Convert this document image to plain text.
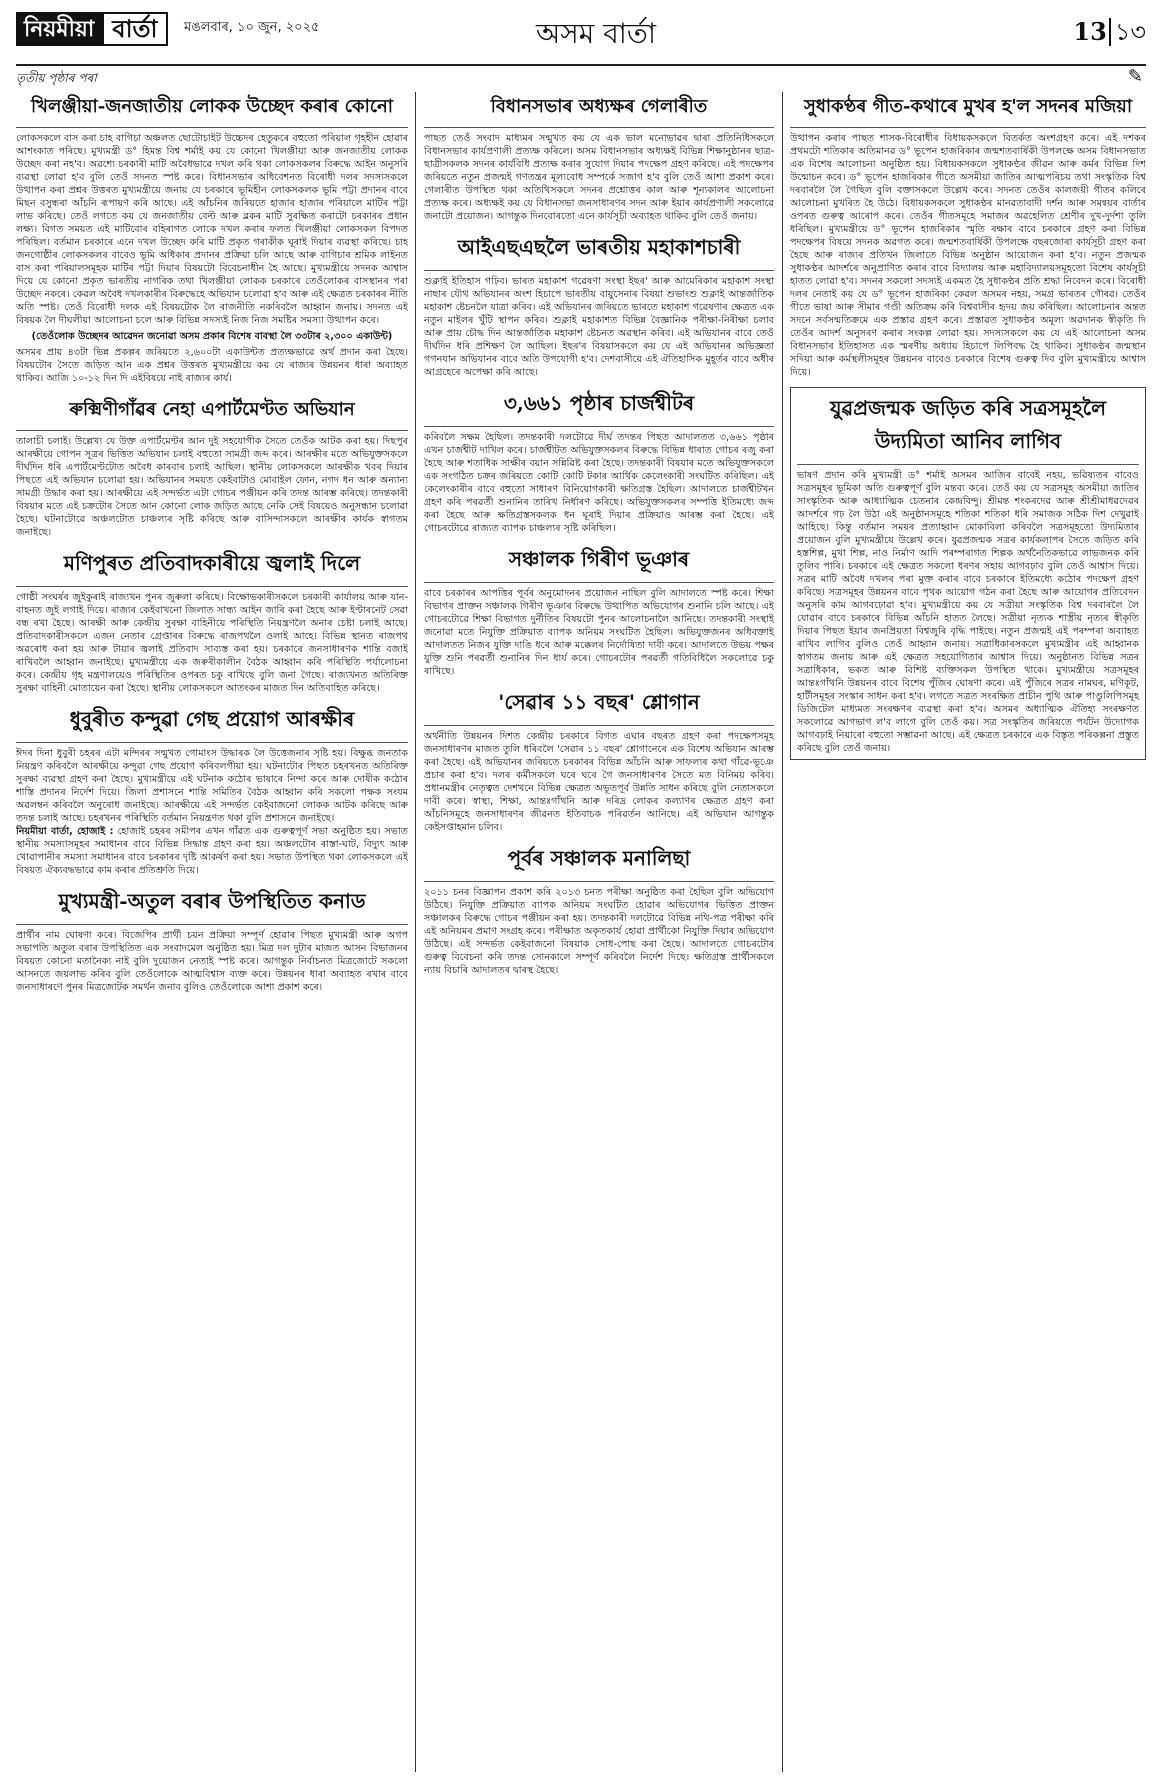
নিয়মীয়া বাৰ্তা	মঙলবাৰ, ১০ জুন, ২০২৫	অসম বাৰ্তা	13 ১৩
তৃতীয় পৃষ্ঠাৰ পৰা	✎
খিলঞ্জীয়া-জনজাতীয় লোকক উচ্ছেদ কৰাৰ কোনো

লোকসকলে বাস কৰা চাহ বাগিচা অঞ্চলত ছোটোচাইট উচ্চেদৰ হেতুকৰে বহুতো পৰিয়াল গৃহহীন হোৱাৰ আশংকাত পৰিছে। মুখ্যমন্ত্ৰী ড° হিমন্ত বিশ্ব শৰ্মাই কয় যে কোনো খিলঞ্জীয়া আৰু জনজাতীয় লোকক উচ্ছেদ কৰা নহ'ব। অৱশ্যে চৰকাৰী মাটি অবৈধভাৱে দখল কৰি থকা লোকসকলৰ বিৰুদ্ধে আইন অনুসৰি ব্যৱস্থা লোৱা হ'ব বুলি তেওঁ সদনত স্পষ্ট কৰে। বিধানসভাৰ অধিবেশনত বিৰোধী দলৰ সদস্যসকলে উত্থাপন কৰা প্ৰশ্নৰ উত্তৰত মুখ্যমন্ত্ৰীয়ে জনায় যে চৰকাৰে ভূমিহীন লোকসকলক ভূমি পট্টা প্ৰদানৰ বাবে মিছন বসুন্ধৰা আঁচনি ৰূপায়ণ কৰি আছে। এই আঁচনিৰ জৰিয়তে হাজাৰ হাজাৰ পৰিয়ালে মাটিৰ পট্টা লাভ কৰিছে। তেওঁ লগতে কয় যে জনজাতীয় বেল্ট আৰু ব্লকৰ মাটি সুৰক্ষিত কৰাটো চৰকাৰৰ প্ৰধান লক্ষ্য। বিগত সময়ত এই মাটিবোৰ বহিৰাগত লোকে দখল কৰাৰ ফলত খিলঞ্জীয়া লোকসকল বিপদত পৰিছিল। বৰ্তমান চৰকাৰে এনে দখল উচ্ছেদ কৰি মাটি প্ৰকৃত গৰাকীক ঘূৰাই দিয়াৰ ব্যৱস্থা কৰিছে। চাহ জনগোষ্ঠীৰ লোকসকলৰ বাবেও ভূমি অধিকাৰ প্ৰদানৰ প্ৰক্ৰিয়া চলি আছে আৰু বাগিচাৰ শ্ৰমিক লাইনত বাস কৰা পৰিয়ালসমূহক মাটিৰ পট্টা দিয়াৰ বিষয়টো বিবেচনাধীন হৈ আছে। মুখ্যমন্ত্ৰীয়ে সদনক আশ্বাস দিয়ে যে কোনো প্ৰকৃত ভাৰতীয় নাগৰিক তথা খিলঞ্জীয়া লোকক চৰকাৰে তেওঁলোকৰ বাসস্থানৰ পৰা উচ্ছেদ নকৰে। কেৱল অবৈধ দখলকাৰীৰ বিৰুদ্ধেহে অভিযান চলোৱা হ'ব আৰু এই ক্ষেত্ৰত চৰকাৰৰ নীতি অতি স্পষ্ট। তেওঁ বিৰোধী দলক এই বিষয়টোক লৈ ৰাজনীতি নকৰিবলৈ আহ্বান জনায়। সদনত এই বিষয়ক লৈ দীঘলীয়া আলোচনা চলে আৰু বিভিন্ন সদস্যই নিজ নিজ সমষ্টিৰ সমস্যা উত্থাপন কৰে।

(তেওঁলোক উচ্ছেদৰ আৱেদন জনোৱা অসম প্ৰকাৰ বিশেষ বাবস্থা লৈ ৩৩টাৰ ২,৩০০ একাউন্ট)

অসমৰ প্ৰায় ৪৩টা ভিন্ন প্ৰকল্পৰ জৰিয়তে ২,৬০০টা একাউন্টত প্ৰত্যক্ষভাৱে অৰ্থ প্ৰদান কৰা হৈছে। বিষয়টোৰ সৈতে জড়িত আন এক প্ৰশ্নৰ উত্তৰত মুখ্যমন্ত্ৰীয়ে কয় যে ৰাজ্যৰ উন্নয়নৰ ধাৰা অব্যাহত থাকিব। আজি ১০-১২ দিন দি এইবিষয়ে নাই ৰাজ্যৰ কাৰ্য।

ৰুক্মিণীগাঁৱৰ নেহা এপাৰ্টমেণ্টত অভিযান

তালাচী চলাই। উল্লেখ্য যে উক্ত এপাৰ্টমেণ্টৰ আন দুই সহযোগীক সৈতে তেওঁক আটক কৰা হয়। দিছপুৰ আৰক্ষীয়ে গোপন সূত্ৰৰ ভিত্তিত অভিযান চলাই বহুতো সামগ্ৰী জব্দ কৰে। আৰক্ষীৰ মতে অভিযুক্তসকলে দীৰ্ঘদিন ধৰি এপাৰ্টমেণ্টটোত অবৈধ কাৰবাৰ চলাই আছিল। স্থানীয় লোকসকলে আৰক্ষীক খবৰ দিয়াৰ পিছতে এই অভিযান চলোৱা হয়। অভিযানৰ সময়ত কেইবাটাও মোবাইল ফোন, নগদ ধন আৰু অন্যান্য সামগ্ৰী উদ্ধাৰ কৰা হয়। আৰক্ষীয়ে এই সন্দৰ্ভত এটা গোচৰ পঞ্জীয়ন কৰি তদন্ত আৰম্ভ কৰিছে। তদন্তকাৰী বিষয়াৰ মতে এই চক্ৰটোৰ সৈতে আন কোনো লোক জড়িত আছে নেকি সেই বিষয়েও অনুসন্ধান চলোৱা হৈছে। ঘটনাটোৱে অঞ্চলটোত চাঞ্চল্যৰ সৃষ্টি কৰিছে আৰু বাসিন্দাসকলে আৰক্ষীৰ কাৰ্যক স্বাগতম জনাইছে।

মণিপুৰত প্ৰতিবাদকাৰীয়ে জ্বলাই দিলে

গোষ্ঠী সংঘৰ্ষৰ জুইকুৰাই ৰাজ্যখন পুনৰ জুৰুলা কৰিছে। বিক্ষোভকাৰীসকলে চৰকাৰী কাৰ্যালয় আৰু যান-বাহনত জুই লগাই দিয়ে। ৰাজ্যৰ কেইবাখনো জিলাত সান্ধ্য আইন জাৰি কৰা হৈছে আৰু ইণ্টাৰনেট সেৱা বন্ধ ৰখা হৈছে। আৰক্ষী আৰু কেন্দ্ৰীয় সুৰক্ষা বাহিনীয়ে পৰিস্থিতি নিয়ন্ত্ৰণলৈ অনাৰ চেষ্টা চলাই আছে। প্ৰতিবাদকাৰীসকলে এজন নেতাৰ গ্ৰেপ্তাৰৰ বিৰুদ্ধে ৰাজপথলৈ ওলাই আহে। বিভিন্ন স্থানত ৰাজপথ অৱৰোধ কৰা হয় আৰু টায়াৰ জ্বলাই প্ৰতিবাদ সাব্যস্ত কৰা হয়। চৰকাৰে জনসাধাৰণক শান্তি বজাই ৰাখিবলৈ আহ্বান জনাইছে। মুখ্যমন্ত্ৰীয়ে এক জৰুৰীকালীন বৈঠক আহ্বান কৰি পৰিস্থিতি পৰ্যালোচনা কৰে। কেন্দ্ৰীয় গৃহ মন্ত্ৰণালয়েও পৰিস্থিতিৰ ওপৰত চকু ৰাখিছে বুলি জনা গৈছে। ৰাজ্যখনত অতিৰিক্ত সুৰক্ষা বাহিনী মোতায়েন কৰা হৈছে। স্থানীয় লোকসকলে আতংকৰ মাজত দিন অতিবাহিত কৰিছে।

ধুবুৰীত কন্দুৱা গেছ প্ৰয়োগ আৰক্ষীৰ

ঈদৰ দিনা ধুবুৰী চহৰৰ এটা মন্দিৰৰ সন্মুখত গোমাংস উদ্ধাৰক লৈ উত্তেজনাৰ সৃষ্টি হয়। বিক্ষুব্ধ জনতাক নিয়ন্ত্ৰণ কৰিবলৈ আৰক্ষীয়ে কন্দুৱা গেছ প্ৰয়োগ কৰিবলগীয়া হয়। ঘটনাটোৰ পিছত চহৰখনত অতিৰিক্ত সুৰক্ষা ব্যৱস্থা গ্ৰহণ কৰা হৈছে। মুখ্যমন্ত্ৰীয়ে এই ঘটনাক কঠোৰ ভাষাৰে নিন্দা কৰে আৰু দোষীক কঠোৰ শাস্তি প্ৰদানৰ নিৰ্দেশ দিয়ে। জিলা প্ৰশাসনে শান্তি সমিতিৰ বৈঠক আহ্বান কৰি সকলো পক্ষক সংযম অৱলম্বন কৰিবলৈ অনুৰোধ জনাইছে। আৰক্ষীয়ে এই সন্দৰ্ভত কেইবাজনো লোকক আটক কৰিছে আৰু তদন্ত চলাই আছে। চহৰখনৰ পৰিস্থিতি বৰ্তমান নিয়ন্ত্ৰণত থকা বুলি প্ৰশাসনে জনাইছে।

নিয়মীয়া বাৰ্তা, হোজাই : হোজাই চহৰৰ সমীপৰ এখন গাঁৱত এক গুৰুত্বপূৰ্ণ সভা অনুষ্ঠিত হয়। সভাত স্থানীয় সমস্যাসমূহৰ সমাধানৰ বাবে বিভিন্ন সিদ্ধান্ত গ্ৰহণ কৰা হয়। অঞ্চলটোৰ ৰাস্তা-ঘাট, বিদ্যুৎ আৰু খোৱাপানীৰ সমস্যা সমাধানৰ বাবে চৰকাৰৰ দৃষ্টি আকৰ্ষণ কৰা হয়। সভাত উপস্থিত থকা লোকসকলে এই বিষয়ত ঐক্যবদ্ধভাৱে কাম কৰাৰ প্ৰতিশ্ৰুতি দিয়ে।

মুখ্যমন্ত্ৰী-অতুল বৰাৰ উপস্থিতিত কনাড

প্ৰাৰ্থীৰ নাম ঘোষণা কৰে। বিজেপিৰ প্ৰাৰ্থী চয়ন প্ৰক্ৰিয়া সম্পূৰ্ণ হোৱাৰ পিছত মুখ্যমন্ত্ৰী আৰু অগপ সভাপতি অতুল বৰাৰ উপস্থিতিত এক সংবাদমেল অনুষ্ঠিত হয়। মিত্ৰ দল দুটাৰ মাজত আসন বিভাজনৰ বিষয়ত কোনো মতানৈক্য নাই বুলি দুয়োজন নেতাই স্পষ্ট কৰে। আগন্তুক নিৰ্বাচনত মিত্ৰজোটে সকলো আসনতে জয়লাভ কৰিব বুলি তেওঁলোকে আত্মবিশ্বাস ব্যক্ত কৰে। উন্নয়নৰ ধাৰা অব্যাহত ৰখাৰ বাবে জনসাধাৰণে পুনৰ মিত্ৰজোটক সমৰ্থন জনাব বুলিও তেওঁলোকে আশা প্ৰকাশ কৰে।

বিধানসভাৰ অধ্যক্ষৰ গেলাৰীত

পাছত তেওঁ সংবাদ মাধ্যমৰ সন্মুখত কয় যে এক ভাল মনোভাৱৰ দ্বাৰা প্ৰতিনিধিসকলে বিধানসভাৰ কাৰ্যপ্ৰণালী প্ৰত্যক্ষ কৰিলে। অসম বিধানসভাৰ অধ্যক্ষই বিভিন্ন শিক্ষানুষ্ঠানৰ ছাত্ৰ-ছাত্ৰীসকলক সদনৰ কাৰ্যবিধি প্ৰত্যক্ষ কৰাৰ সুযোগ দিয়াৰ পদক্ষেপ গ্ৰহণ কৰিছে। এই পদক্ষেপৰ জৰিয়তে নতুন প্ৰজন্মই গণতন্ত্ৰৰ মূল্যবোধ সম্পৰ্কে সজাগ হ'ব বুলি তেওঁ আশা প্ৰকাশ কৰে। গেলাৰীত উপস্থিত থকা অতিথিসকলে সদনৰ প্ৰশ্নোত্তৰ কাল আৰু শূন্যকালৰ আলোচনা প্ৰত্যক্ষ কৰে। অধ্যক্ষই কয় যে বিধানসভা জনসাধাৰণৰ সদন আৰু ইয়াৰ কাৰ্যপ্ৰণালী সকলোৱে জনাটো প্ৰয়োজন। আগন্তুক দিনবোৰতো এনে কাৰ্যসূচী অব্যাহত থাকিব বুলি তেওঁ জনায়।

আইএছএছলৈ ভাৰতীয় মহাকাশচাৰী

শুক্লাই ইতিহাস গঢ়িব। ভাৰত মহাকাশ গৱেষণা সংস্থা ইছৰ' আৰু আমেৰিকাৰ মহাকাশ সংস্থা নাছাৰ যৌথ অভিযানৰ অংশ হিচাপে ভাৰতীয় বায়ুসেনাৰ বিষয়া শুভাংশু শুক্লাই আন্তৰ্জাতিক মহাকাশ ষ্টেচনলৈ যাত্ৰা কৰিব। এই অভিযানৰ জৰিয়তে ভাৰতে মহাকাশ গৱেষণাৰ ক্ষেত্ৰত এক নতুন মাইলৰ খুঁটি স্থাপন কৰিব। শুক্লাই মহাকাশত বিভিন্ন বৈজ্ঞানিক পৰীক্ষা-নিৰীক্ষা চলাব আৰু প্ৰায় চৌদ্ধ দিন আন্তৰ্জাতিক মহাকাশ ষ্টেচনত অৱস্থান কৰিব। এই অভিযানৰ বাবে তেওঁ দীৰ্ঘদিন ধৰি প্ৰশিক্ষণ লৈ আছিল। ইছৰ'ৰ বিষয়াসকলে কয় যে এই অভিযানৰ অভিজ্ঞতা গগনযান অভিযানৰ বাবে অতি উপযোগী হ'ব। দেশবাসীয়ে এই ঐতিহাসিক মুহূৰ্তৰ বাবে অধীৰ আগ্ৰহেৰে অপেক্ষা কৰি আছে।

৩,৬৬১ পৃষ্ঠাৰ চাৰ্জশ্বীটৰ

কৰিবলৈ সক্ষম হৈছিল। তদন্তকাৰী দলটোৱে দীৰ্ঘ তদন্তৰ পিছত আদালতত ৩,৬৬১ পৃষ্ঠাৰ এখন চাৰ্জশ্বীট দাখিল কৰে। চাৰ্জশ্বীটত অভিযুক্তসকলৰ বিৰুদ্ধে বিভিন্ন ধাৰাত গোচৰ ৰজু কৰা হৈছে আৰু শতাধিক সাক্ষীৰ বয়ান সন্নিৱিষ্ট কৰা হৈছে। তদন্তকাৰী বিষয়াৰ মতে অভিযুক্তসকলে এক সংগঠিত চক্ৰৰ জৰিয়তে কোটি কোটি টকাৰ আৰ্থিক কেলেংকাৰী সংঘটিত কৰিছিল। এই কেলেংকাৰীৰ বাবে বহুতো সাধাৰণ বিনিয়োগকাৰী ক্ষতিগ্ৰস্ত হৈছিল। আদালতে চাৰ্জশ্বীটখন গ্ৰহণ কৰি পৰৱৰ্তী শুনানিৰ তাৰিখ নিৰ্ধাৰণ কৰিছে। অভিযুক্তসকলৰ সম্পত্তি ইতিমধ্যে জব্দ কৰা হৈছে আৰু ক্ষতিগ্ৰস্তসকলক ধন ঘূৰাই দিয়াৰ প্ৰক্ৰিয়াও আৰম্ভ কৰা হৈছে। এই গোচৰটোৱে ৰাজ্যত ব্যাপক চাঞ্চল্যৰ সৃষ্টি কৰিছিল।

সঞ্চালক গিৰীণ ভূঞাৰ

বাবে চৰকাৰৰ আপত্তিৰ পূৰ্বৰ অনুমোদনৰ প্ৰয়োজন নাছিল বুলি আদালতে স্পষ্ট কৰে। শিক্ষা বিভাগৰ প্ৰাক্তন সঞ্চালক গিৰীণ ভূঞাৰ বিৰুদ্ধে উত্থাপিত অভিযোগৰ শুনানি চলি আছে। এই গোচৰটোৱে শিক্ষা বিভাগত দুৰ্নীতিৰ বিষয়টো পুনৰ আলোচনালৈ আনিছে। তদন্তকাৰী সংস্থাই জনোৱা মতে নিযুক্তি প্ৰক্ৰিয়াত ব্যাপক অনিয়ম সংঘটিত হৈছিল। অভিযুক্তজনৰ অধিবক্তাই আদালতত নিজৰ যুক্তি দাঙি ধৰে আৰু মক্কেলৰ নিৰ্দোষিতা দাবী কৰে। আদালতে উভয় পক্ষৰ যুক্তি শুনি পৰৱৰ্তী শুনানিৰ দিন ধাৰ্য কৰে। গোচৰটোৰ পৰৱৰ্তী গতিবিধিলৈ সকলোৱে চকু ৰাখিছে।

'সেৱাৰ ১১ বছৰ' শ্লোগান

অৰ্থনীতি উন্নয়নৰ দিশত কেন্দ্ৰীয় চৰকাৰে বিগত এঘাৰ বছৰত গ্ৰহণ কৰা পদক্ষেপসমূহ জনসাধাৰণৰ মাজত তুলি ধৰিবলৈ 'সেৱাৰ ১১ বছৰ' শ্লোগানেৰে এক বিশেষ অভিযান আৰম্ভ কৰা হৈছে। এই অভিযানৰ জৰিয়তে চৰকাৰৰ বিভিন্ন আঁচনি আৰু সাফল্যৰ কথা গাঁৱে-ভূঞে প্ৰচাৰ কৰা হ'ব। দলৰ কৰ্মীসকলে ঘৰে ঘৰে গৈ জনসাধাৰণৰ সৈতে মত বিনিময় কৰিব। প্ৰধানমন্ত্ৰীৰ নেতৃত্বত দেশখনে বিভিন্ন ক্ষেত্ৰত অভূতপূৰ্ব উন্নতি সাধন কৰিছে বুলি নেতাসকলে দাবী কৰে। স্বাস্থ্য, শিক্ষা, আন্তঃগাঁথনি আৰু দৰিদ্ৰ লোকৰ কল্যাণৰ ক্ষেত্ৰত গ্ৰহণ কৰা আঁচনিসমূহে জনসাধাৰণৰ জীৱনত ইতিবাচক পৰিৱৰ্তন আনিছে। এই অভিযান আগন্তুক কেইসপ্তাহমান চলিব।

পূৰ্বৰ সঞ্চালক মনালিছা

২০১১ চনৰ বিজ্ঞাপন প্ৰকাশ কৰি ২০১৩ চনত পৰীক্ষা অনুষ্ঠিত কৰা হৈছিল বুলি অভিযোগ উঠিছে। নিযুক্তি প্ৰক্ৰিয়াত ব্যাপক অনিয়ম সংঘটিত হোৱাৰ অভিযোগৰ ভিত্তিত প্ৰাক্তন সঞ্চালকৰ বিৰুদ্ধে গোচৰ পঞ্জীয়ন কৰা হয়। তদন্তকাৰী দলটোৱে বিভিন্ন নথি-পত্ৰ পৰীক্ষা কৰি এই অনিয়মৰ প্ৰমাণ সংগ্ৰহ কৰে। পৰীক্ষাত অকৃতকাৰ্য হোৱা প্ৰাৰ্থীকো নিযুক্তি দিয়াৰ অভিযোগ উঠিছে। এই সন্দৰ্ভত কেইবাজনো বিষয়াক সোধ-পোছ কৰা হৈছে। আদালতে গোচৰটোৰ গুৰুত্ব বিবেচনা কৰি তদন্ত সোনকালে সম্পূৰ্ণ কৰিবলৈ নিৰ্দেশ দিছে। ক্ষতিগ্ৰস্ত প্ৰাৰ্থীসকলে ন্যায় বিচাৰি আদালতৰ দ্বাৰস্থ হৈছে।

সুধাকণ্ঠৰ গীত-কথাৰে মুখৰ হ'ল সদনৰ মজিয়া

উত্থাপন কৰাৰ পাছত শাসক-বিৰোধীৰ বিধায়কসকলে বিতৰ্কত অংশগ্ৰহণ কৰে। এই দশকৰ প্ৰথমটো শতিকাৰ অতিমানৱ ড° ভূপেন হাজৰিকাৰ জন্মশতবাৰ্ষিকী উপলক্ষে অসম বিধানসভাত এক বিশেষ আলোচনা অনুষ্ঠিত হয়। বিধায়কসকলে সুধাকণ্ঠৰ জীৱন আৰু কৰ্মৰ বিভিন্ন দিশ উন্মোচন কৰে। ড° ভূপেন হাজৰিকাৰ গীতে অসমীয়া জাতিৰ আত্মপৰিচয় তথা সংস্কৃতিক বিশ্ব দৰবাৰলৈ লৈ গৈছিল বুলি বক্তাসকলে উল্লেখ কৰে। সদনত তেওঁৰ কালজয়ী গীতৰ কলিৰে আলোচনা মুখৰিত হৈ উঠে। বিধায়কসকলে সুধাকণ্ঠৰ মানৱতাবাদী দৰ্শন আৰু সমন্বয়ৰ বাৰ্তাৰ ওপৰত গুৰুত্ব আৰোপ কৰে। তেওঁৰ গীতসমূহে সমাজৰ অৱহেলিত শ্ৰেণীৰ দুখ-দুৰ্দশা তুলি ধৰিছিল। মুখ্যমন্ত্ৰীয়ে ড° ভূপেন হাজৰিকাৰ স্মৃতি ৰক্ষাৰ বাবে চৰকাৰে গ্ৰহণ কৰা বিভিন্ন পদক্ষেপৰ বিষয়ে সদনক অৱগত কৰে। জন্মশতবাৰ্ষিকী উপলক্ষে বছৰজোৰা কাৰ্যসূচী গ্ৰহণ কৰা হৈছে আৰু ৰাজ্যৰ প্ৰতিখন জিলাতে বিভিন্ন অনুষ্ঠান আয়োজন কৰা হ'ব। নতুন প্ৰজন্মক সুধাকণ্ঠৰ আদৰ্শৰে অনুপ্ৰাণিত কৰাৰ বাবে বিদ্যালয় আৰু মহাবিদ্যালয়সমূহতো বিশেষ কাৰ্যসূচী হাতত লোৱা হ'ব। সদনৰ সকলো সদস্যই একমত হৈ সুধাকণ্ঠৰ প্ৰতি শ্ৰদ্ধা নিবেদন কৰে। বিৰোধী দলৰ নেতাই কয় যে ড° ভূপেন হাজৰিকা কেৱল অসমৰ নহয়, সমগ্ৰ ভাৰতৰ গৌৰৱ। তেওঁৰ গীতে ভাষা আৰু সীমাৰ গণ্ডী অতিক্ৰম কৰি বিশ্ববাসীৰ হৃদয় জয় কৰিছিল। আলোচনাৰ অন্তত সদনে সৰ্বসন্মতিক্ৰমে এক প্ৰস্তাৱ গ্ৰহণ কৰে। প্ৰস্তাৱত সুধাকণ্ঠৰ অমূল্য অৱদানক স্বীকৃতি দি তেওঁৰ আদৰ্শ অনুসৰণ কৰাৰ সংকল্প লোৱা হয়। সদস্যসকলে কয় যে এই আলোচনা অসম বিধানসভাৰ ইতিহাসত এক স্মৰণীয় অধ্যায় হিচাপে লিপিবদ্ধ হৈ থাকিব। সুধাকণ্ঠৰ জন্মস্থান সদিয়া আৰু কৰ্মস্থলীসমূহৰ উন্নয়নৰ বাবেও চৰকাৰে বিশেষ গুৰুত্ব দিব বুলি মুখ্যমন্ত্ৰীয়ে আশ্বাস দিয়ে।

যুৱপ্ৰজন্মক জড়িত কৰি সত্ৰসমূহলৈ উদ্যমিতা আনিব লাগিব

ভাষণ প্ৰদান কৰি মুখ্যমন্ত্ৰী ড° শৰ্মাই অসমৰ আজিৰ বাবেই নহয়, ভৱিষ্যতৰ বাবেও সত্ৰসমূহৰ ভূমিকা অতি গুৰুত্বপূৰ্ণ বুলি মন্তব্য কৰে। তেওঁ কয় যে সত্ৰসমূহ অসমীয়া জাতিৰ সাংস্কৃতিক আৰু আধ্যাত্মিক চেতনাৰ কেন্দ্ৰবিন্দু। শ্ৰীমন্ত শংকৰদেৱ আৰু শ্ৰীশ্ৰীমাধৱদেৱৰ আদৰ্শৰে গঢ় লৈ উঠা এই অনুষ্ঠানসমূহে শতিকা শতিকা ধৰি সমাজক সঠিক দিশ দেখুৱাই আহিছে। কিন্তু বৰ্তমান সময়ৰ প্ৰত্যাহ্বান মোকাবিলা কৰিবলৈ সত্ৰসমূহতো উদ্যমিতাৰ প্ৰয়োজন বুলি মুখ্যমন্ত্ৰীয়ে উল্লেখ কৰে। যুৱপ্ৰজন্মক সত্ৰৰ কাৰ্যকলাপৰ সৈতে জড়িত কৰি হস্তশিল্প, মুখা শিল্প, নাও নিৰ্মাণ আদি পৰম্পৰাগত শিল্পক অৰ্থনৈতিকভাৱে লাভজনক কৰি তুলিব পাৰি। চৰকাৰে এই ক্ষেত্ৰত সকলো ধৰণৰ সহায় আগবঢ়াব বুলি তেওঁ আশ্বাস দিয়ে। সত্ৰৰ মাটি অবৈধ দখলৰ পৰা মুক্ত কৰাৰ বাবে চৰকাৰে ইতিমধ্যে কঠোৰ পদক্ষেপ গ্ৰহণ কৰিছে। সত্ৰসমূহৰ উন্নয়নৰ বাবে পৃথক আয়োগ গঠন কৰা হৈছে আৰু আয়োগৰ প্ৰতিবেদন অনুসৰি কাম আগবঢ়োৱা হ'ব। মুখ্যমন্ত্ৰীয়ে কয় যে সত্ৰীয়া সংস্কৃতিক বিশ্ব দৰবাৰলৈ লৈ যোৱাৰ বাবে চৰকাৰে বিভিন্ন আঁচনি হাতত লৈছে। সত্ৰীয়া নৃত্যক শাস্ত্ৰীয় নৃত্যৰ স্বীকৃতি দিয়াৰ পিছত ইয়াৰ জনপ্ৰিয়তা বিশ্বজুৰি বৃদ্ধি পাইছে। নতুন প্ৰজন্মই এই পৰম্পৰা অব্যাহত ৰাখিব লাগিব বুলিও তেওঁ আহ্বান জনায়। সত্ৰাধিকাৰসকলে মুখ্যমন্ত্ৰীৰ এই আহ্বানক স্বাগতম জনায় আৰু এই ক্ষেত্ৰত সহযোগিতাৰ আশ্বাস দিয়ে। অনুষ্ঠানত বিভিন্ন সত্ৰৰ সত্ৰাধিকাৰ, ভকত আৰু বিশিষ্ট ব্যক্তিসকল উপস্থিত থাকে। মুখ্যমন্ত্ৰীয়ে সত্ৰসমূহৰ আন্তঃগাঁথনি উন্নয়নৰ বাবে বিশেষ পুঁজিৰ ঘোষণা কৰে। এই পুঁজিৰে সত্ৰৰ নামঘৰ, মণিকূট, হাটীসমূহৰ সংস্কাৰ সাধন কৰা হ'ব। লগতে সত্ৰত সংৰক্ষিত প্ৰাচীন পুথি আৰু পাণ্ডুলিপিসমূহ ডিজিটেল মাধ্যমত সংৰক্ষণৰ ব্যৱস্থা কৰা হ'ব। অসমৰ অধ্যাত্মিক ঐতিহ্য সংৰক্ষণত সকলোৱে আগভাগ ল'ব লাগে বুলি তেওঁ কয়। সত্ৰ সংস্কৃতিৰ জৰিয়তে পৰ্যটন উদ্যোগক আগবঢ়াই নিয়াৰো বহুতো সম্ভাৱনা আছে। এই ক্ষেত্ৰত চৰকাৰে এক বিস্তৃত পৰিকল্পনা প্ৰস্তুত কৰিছে বুলি তেওঁ জনায়।
